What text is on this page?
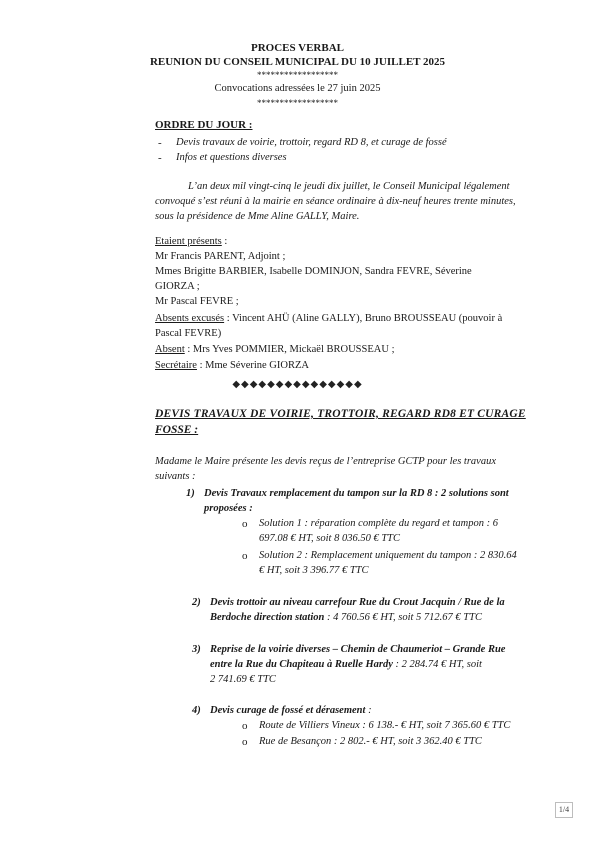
PROCES VERBAL
REUNION DU CONSEIL MUNICIPAL DU 10 JUILLET 2025
******************
Convocations adressées le 27 juin 2025
******************
ORDRE DU JOUR :
- Devis travaux de voirie, trottoir, regard RD 8, et curage de fossé
- Infos et questions diverses
L’an deux mil vingt-cinq le jeudi dix juillet, le Conseil Municipal légalement
convoqué s’est réuni à la mairie en séance ordinaire à dix-neuf heures trente minutes,
sous la présidence de Mme Aline GALLY, Maire.
Etaient présents :
Mr Francis PARENT, Adjoint ;
Mmes Brigitte BARBIER, Isabelle DOMINJON, Sandra FEVRE, Séverine
GIORZA ;
Mr Pascal FEVRE ;
Absents excusés : Vincent AHÜ (Aline GALLY), Bruno BROUSSEAU (pouvoir à
Pascal FEVRE)
Absent : Mrs Yves POMMIER, Mickaël BROUSSEAU ;
Secrétaire : Mme Séverine GIORZA
◆◆◆◆◆◆◆◆◆◆◆◆◆◆◆
DEVIS TRAVAUX DE VOIRIE, TROTTOIR, REGARD RD8 ET CURAGE
FOSSE :
Madame le Maire présente les devis reçus de l’entreprise GCTP pour les travaux
suivants :
1) Devis Travaux remplacement du tampon sur la RD 8 : 2 solutions sont
proposées :
o Solution 1 : réparation complète du regard et tampon : 6
697.08 € HT, soit 8 036.50 € TTC
o Solution 2 : Remplacement uniquement du tampon : 2 830.64
€ HT, soit 3 396.77 € TTC
2) Devis trottoir au niveau carrefour Rue du Crout Jacquin / Rue de la
Berdoche direction station : 4 760.56 € HT, soit 5 712.67 € TTC
3) Reprise de la voirie diverses – Chemin de Chaumeriot – Grande Rue
entre la Rue du Chapiteau à Ruelle Hardy : 2 284.74 € HT, soit
2 741.69 € TTC
4) Devis curage de fossé et dérasement :
o Route de Villiers Vineux : 6 138.- € HT, soit 7 365.60 € TTC
o Rue de Besançon : 2 802.- € HT, soit 3 362.40 € TTC
1/4
